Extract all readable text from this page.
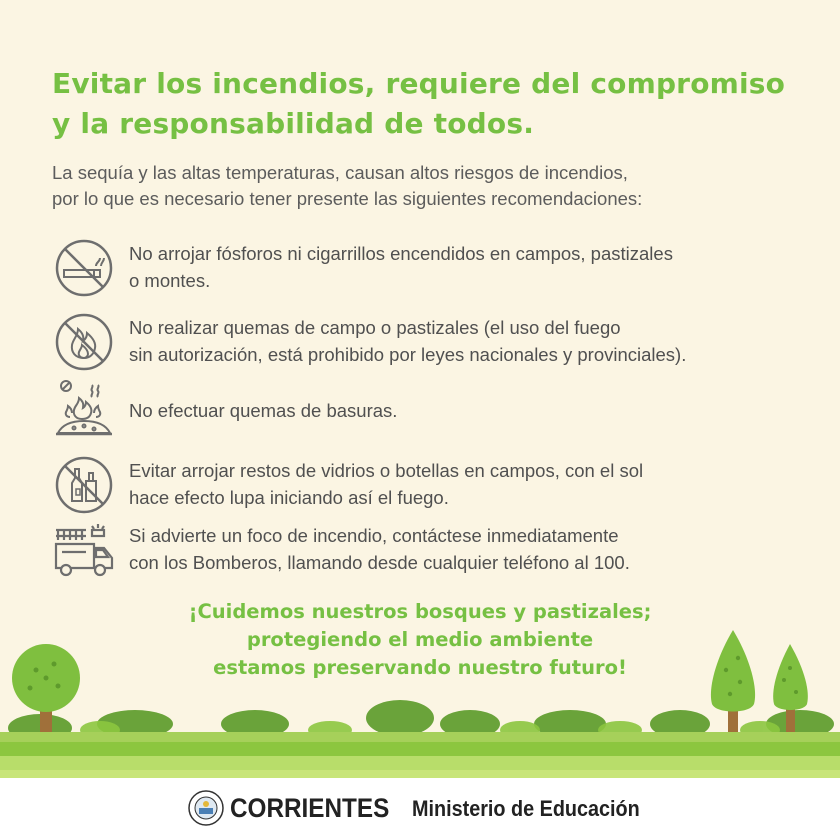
Evitar los incendios, requiere del compromiso
y la responsabilidad de todos.
La sequía y las altas temperaturas, causan altos riesgos de incendios,
por lo que es necesario tener presente las siguientes recomendaciones:
No arrojar fósforos ni cigarrillos encendidos en campos, pastizales
o montes.
No realizar quemas de campo o pastizales (el uso del fuego
sin autorización, está prohibido por leyes nacionales y provinciales).
No efectuar quemas de basuras.
Evitar arrojar restos de vidrios o botellas en campos, con el sol
hace efecto lupa iniciando así el fuego.
Si advierte un foco de incendio, contáctese inmediatamente
con los Bomberos, llamando desde cualquier teléfono al 100.
¡Cuidemos nuestros bosques y pastizales;
protegiendo el medio ambiente
estamos preservando nuestro futuro!
CORRIENTES Ministerio de Educación
